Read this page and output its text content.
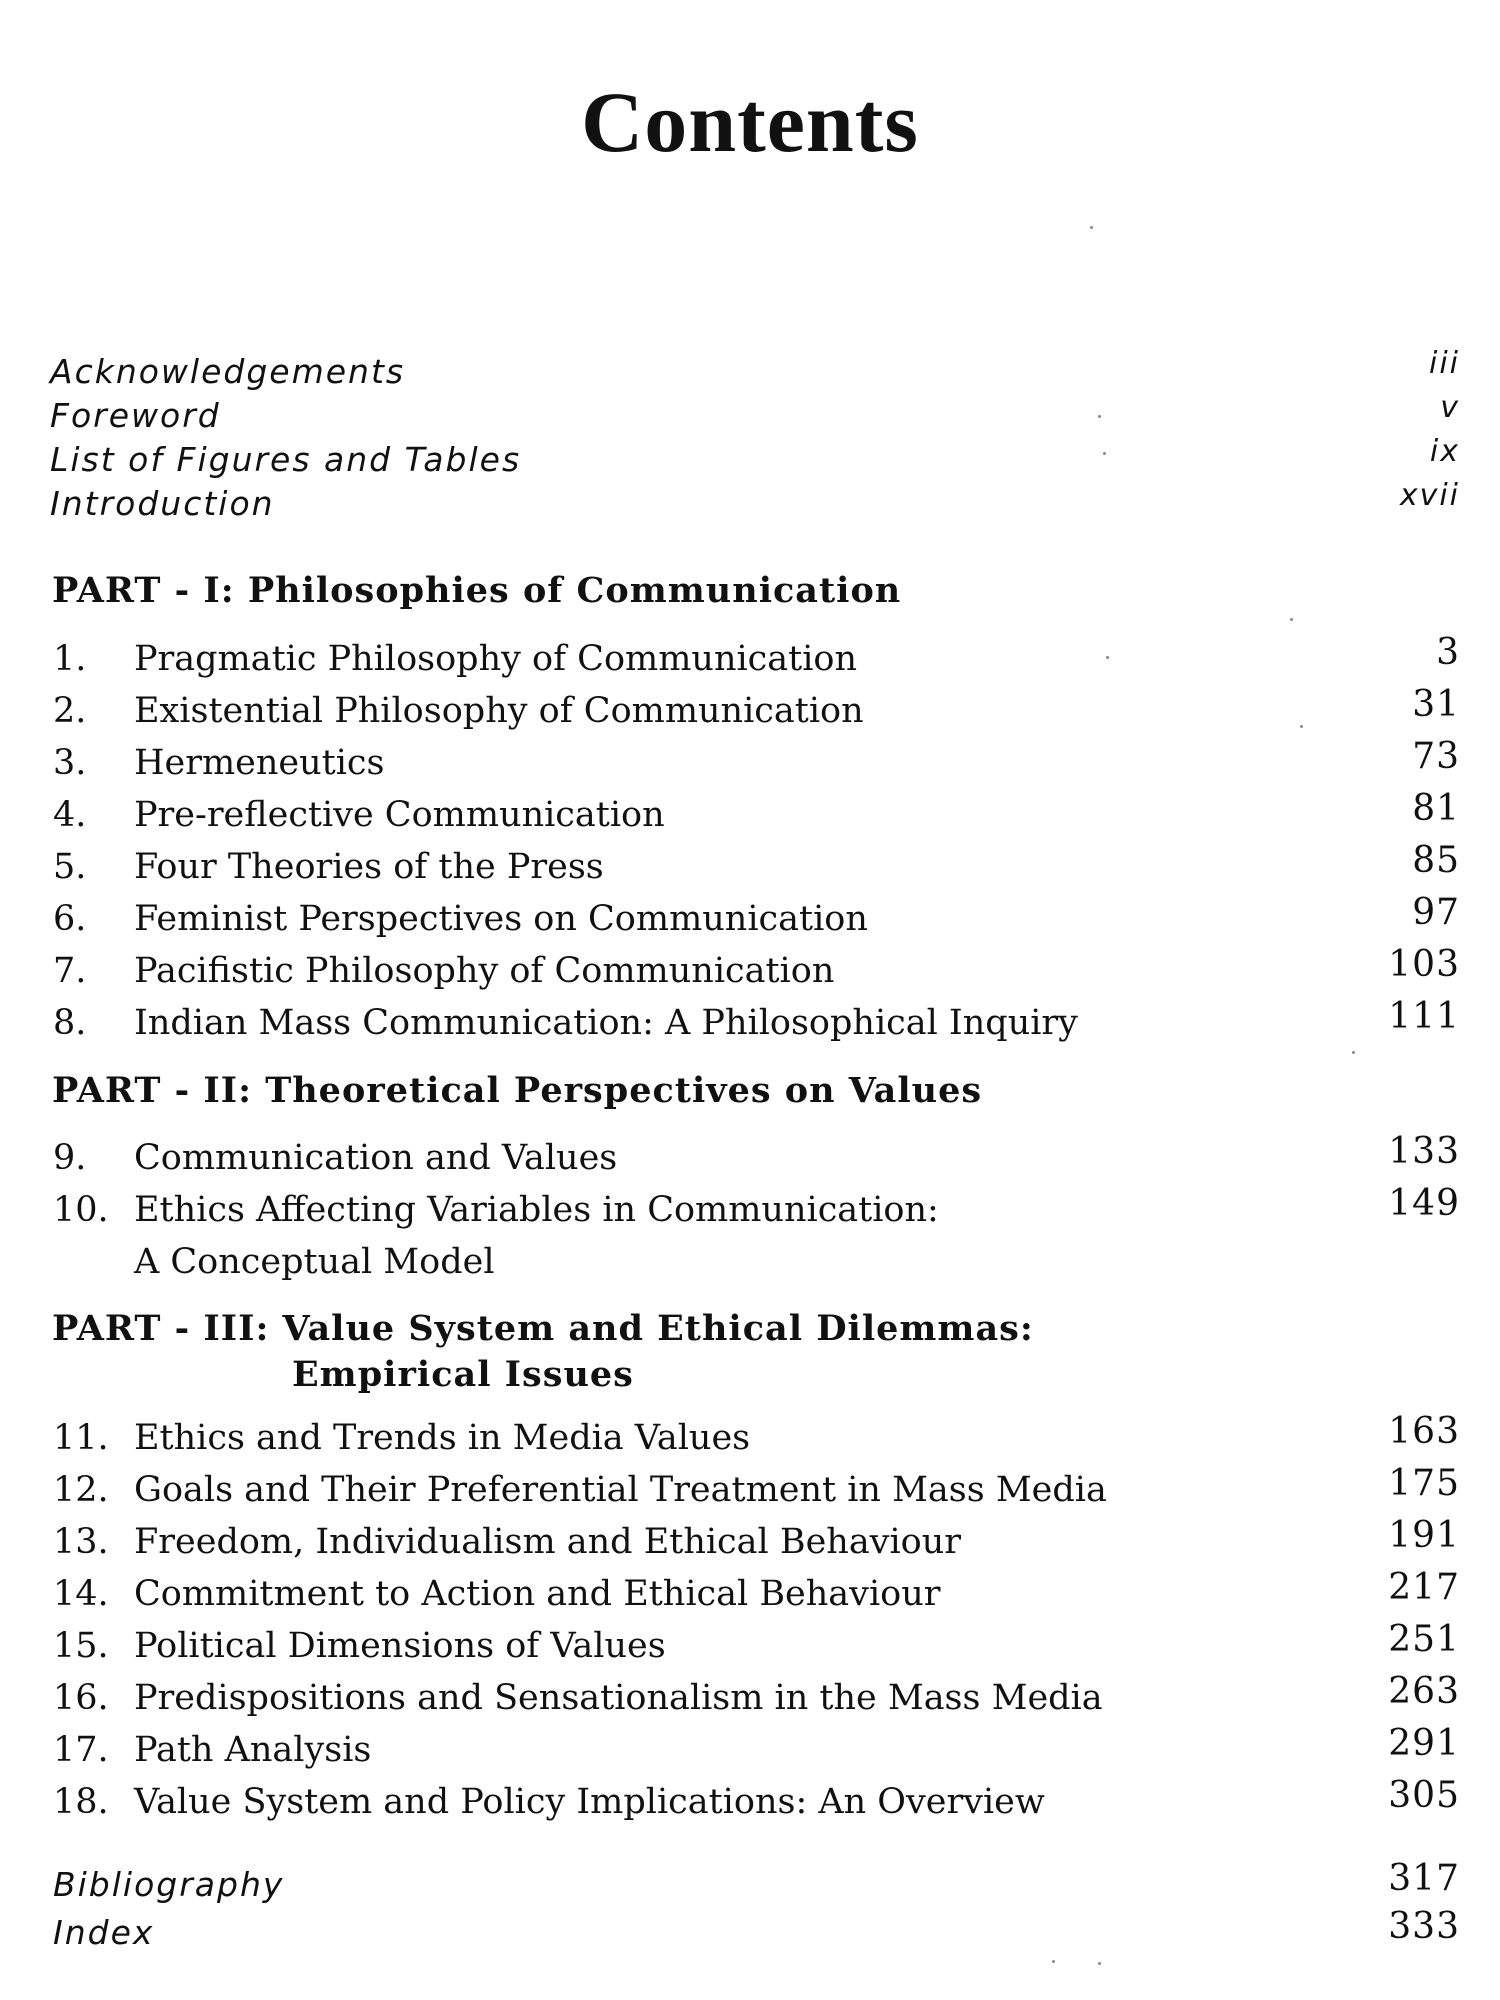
Contents
Acknowledgements	iii
Foreword	v
List of Figures and Tables	ix
Introduction	xvii
PART - I: Philosophies of Communication
1. Pragmatic Philosophy of Communication	3
2. Existential Philosophy of Communication	31
3. Hermeneutics	73
4. Pre-reflective Communication	81
5. Four Theories of the Press	85
6. Feminist Perspectives on Communication	97
7. Pacifistic Philosophy of Communication	103
8. Indian Mass Communication: A Philosophical Inquiry	111
PART - II: Theoretical Perspectives on Values
9. Communication and Values	133
10. Ethics Affecting Variables in Communication:	149
A Conceptual Model
PART - III: Value System and Ethical Dilemmas:
Empirical Issues
11. Ethics and Trends in Media Values	163
12. Goals and Their Preferential Treatment in Mass Media	175
13. Freedom, Individualism and Ethical Behaviour	191
14. Commitment to Action and Ethical Behaviour	217
15. Political Dimensions of Values	251
16. Predispositions and Sensationalism in the Mass Media	263
17. Path Analysis	291
18. Value System and Policy Implications: An Overview	305
Bibliography	317
Index	333
